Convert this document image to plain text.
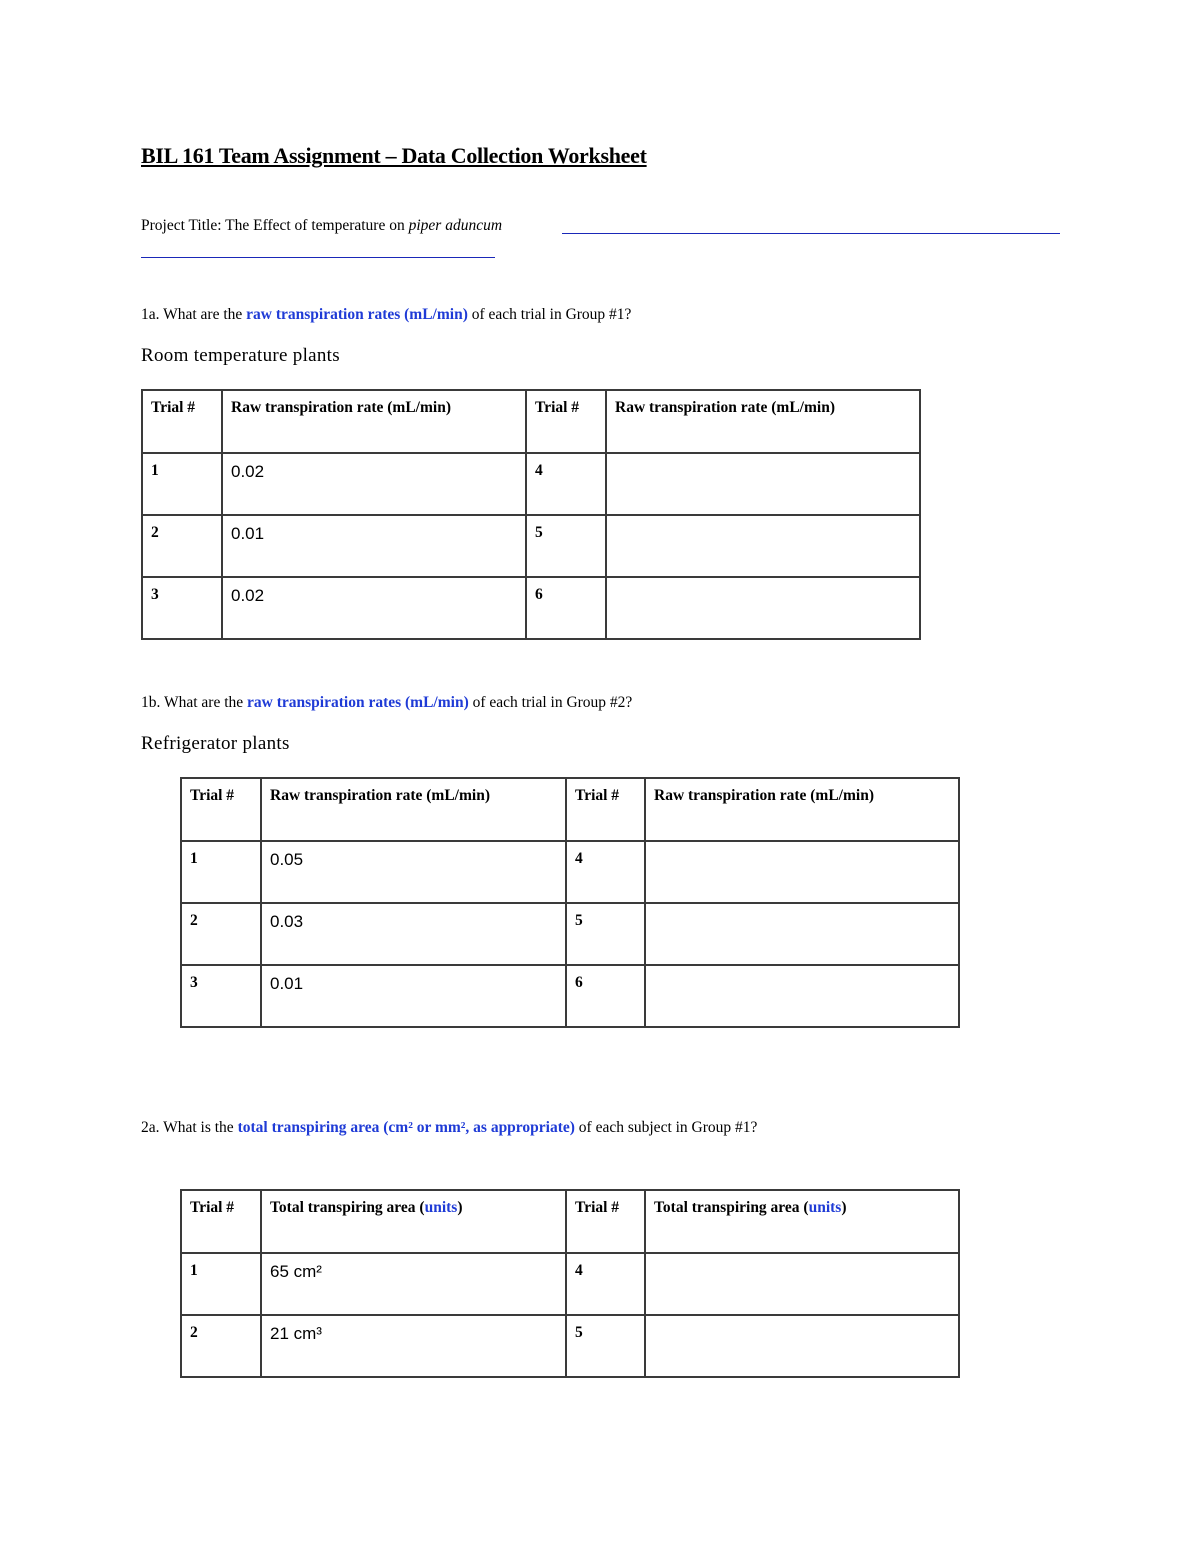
BIL 161 Team Assignment – Data Collection Worksheet
Project Title: The Effect of temperature on piper aduncum
1a. What are the raw transpiration rates (mL/min) of each trial in Group #1?
Room temperature plants
Trial #	Raw transpiration rate (mL/min)	Trial #	Raw transpiration rate (mL/min)
1	0.02	4	
2	0.01	5	
3	0.02	6	
1b. What are the raw transpiration rates (mL/min) of each trial in Group #2?
Refrigerator plants
Trial #	Raw transpiration rate (mL/min)	Trial #	Raw transpiration rate (mL/min)
1	0.05	4	
2	0.03	5	
3	0.01	6	
2a. What is the total transpiring area (cm² or mm², as appropriate) of each subject in Group #1?
Trial #	Total transpiring area (units)	Trial #	Total transpiring area (units)
1	65 cm²	4	
2	21 cm³	5	
